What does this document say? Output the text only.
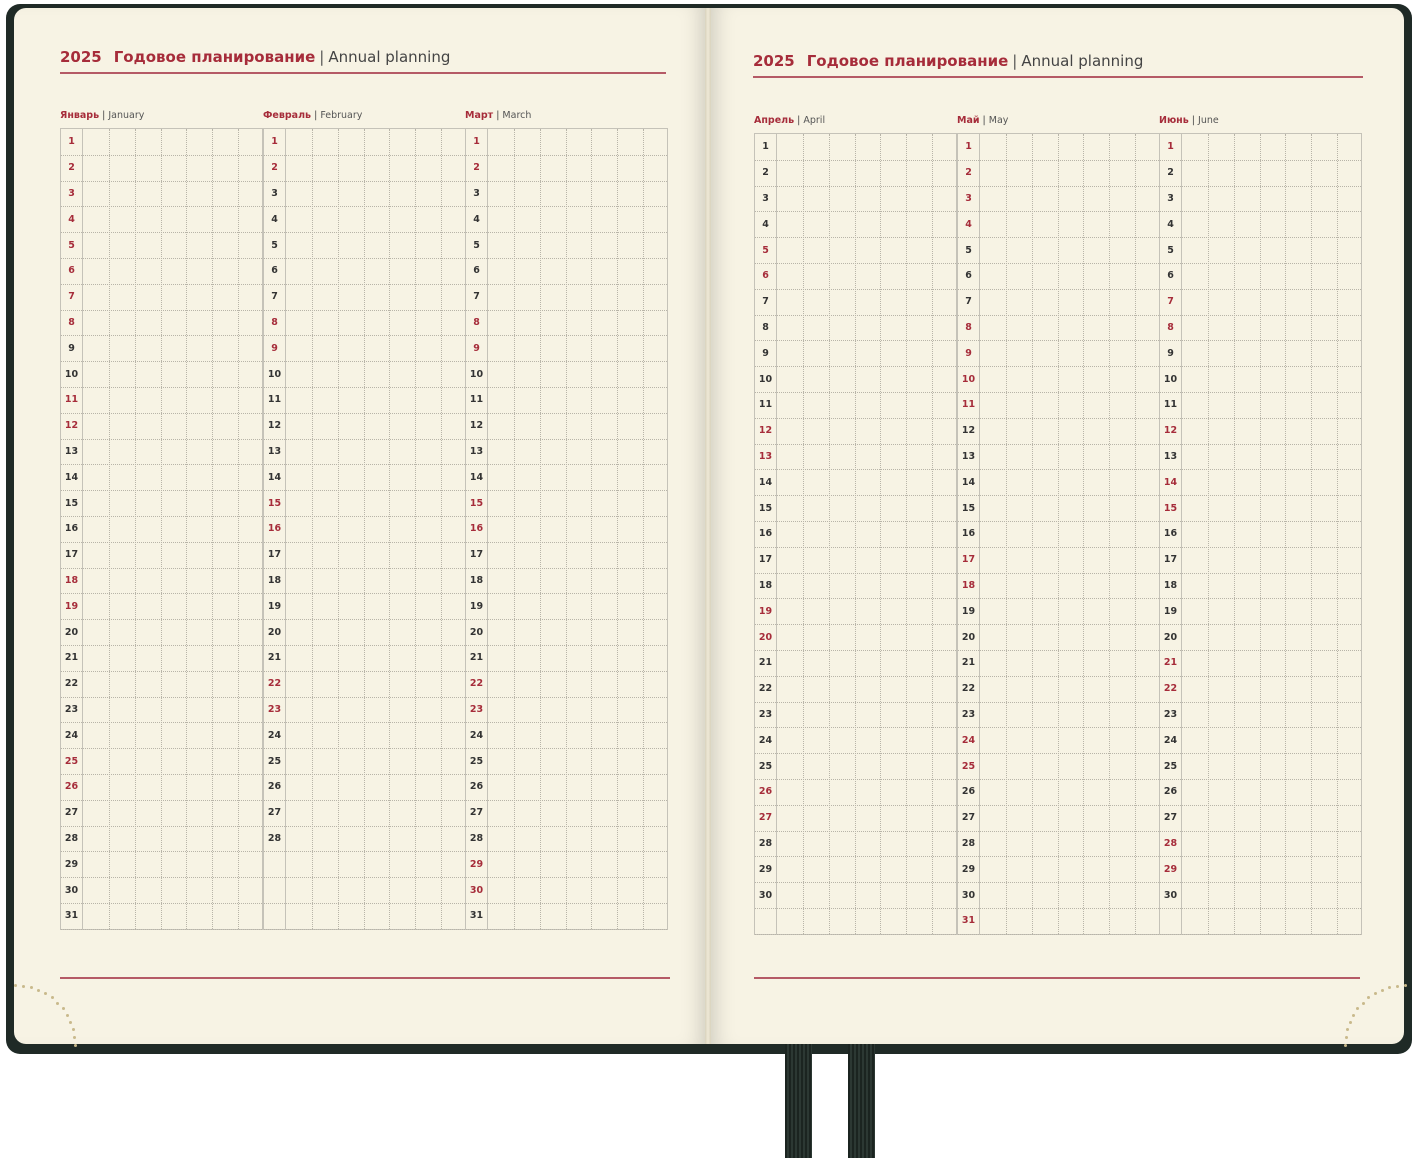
2025 Годовое планирование | Annual planning	2025 Годовое планирование | Annual planning
Январь | January
1
2
3
4
5
6
7
8
9
10
11
12
13
14
15
16
17
18
19
20
21
22
23
24
25
26
27
28
29
30
31
Февраль | February
1
2
3
4
5
6
7
8
9
10
11
12
13
14
15
16
17
18
19
20
21
22
23
24
25
26
27
28
Март | March
1
2
3
4
5
6
7
8
9
10
11
12
13
14
15
16
17
18
19
20
21
22
23
24
25
26
27
28
29
30
31
Апрель | April
1
2
3
4
5
6
7
8
9
10
11
12
13
14
15
16
17
18
19
20
21
22
23
24
25
26
27
28
29
30
Май | May
1
2
3
4
5
6
7
8
9
10
11
12
13
14
15
16
17
18
19
20
21
22
23
24
25
26
27
28
29
30
31
Июнь | June
1
2
3
4
5
6
7
8
9
10
11
12
13
14
15
16
17
18
19
20
21
22
23
24
25
26
27
28
29
30
